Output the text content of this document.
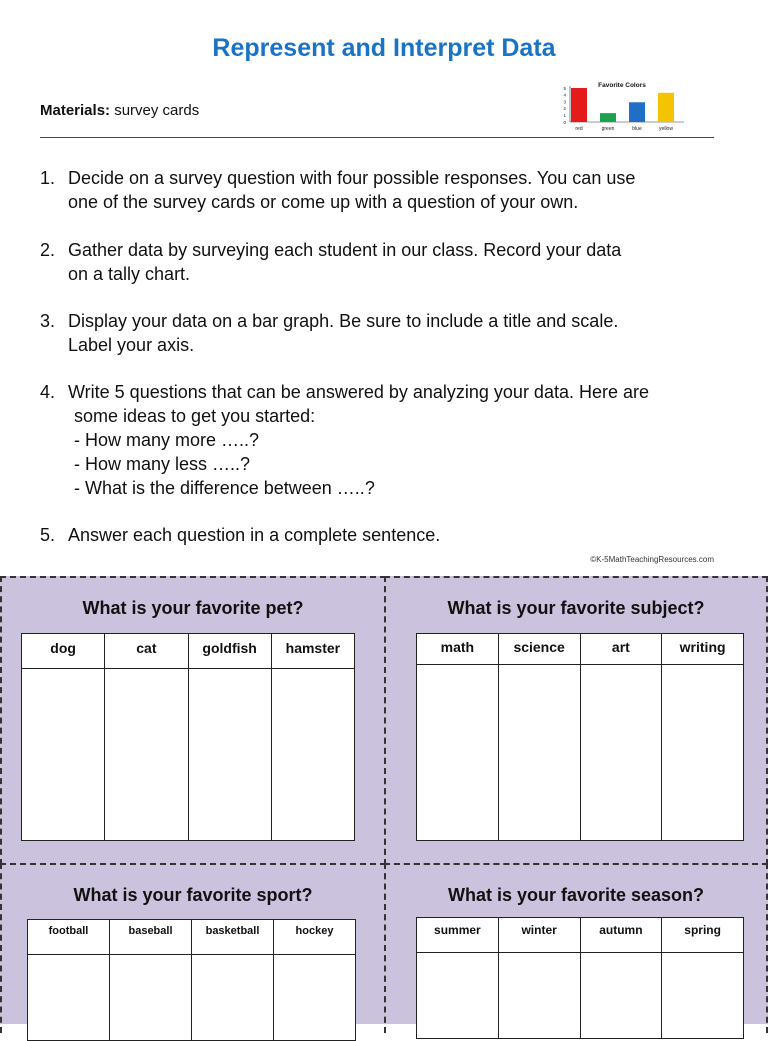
Represent and Interpret Data
Materials: survey cards
Favorite Colors
0
1
2
3
4
5
red	green	blue	yellow
1. Decide on a survey question with four possible responses. You can use

one of the survey cards or come up with a question of your own.

2. Gather data by surveying each student in our class. Record your data

on a tally chart.

3. Display your data on a bar graph. Be sure to include a title and scale.

Label your axis.

4. Write 5 questions that can be answered by analyzing your data. Here are

some ideas to get you started:

- How many more …..?

- How many less …..?

- What is the difference between …..?

5. Answer each question in a complete sentence.

©K-5MathTeachingResources.com
What is your favorite pet?
dog	cat	goldfish	hamster
What is your favorite subject?
math	science	art	writing
What is your favorite sport?
football	baseball	basketball	hockey
What is your favorite season?
summer	winter	autumn	spring
